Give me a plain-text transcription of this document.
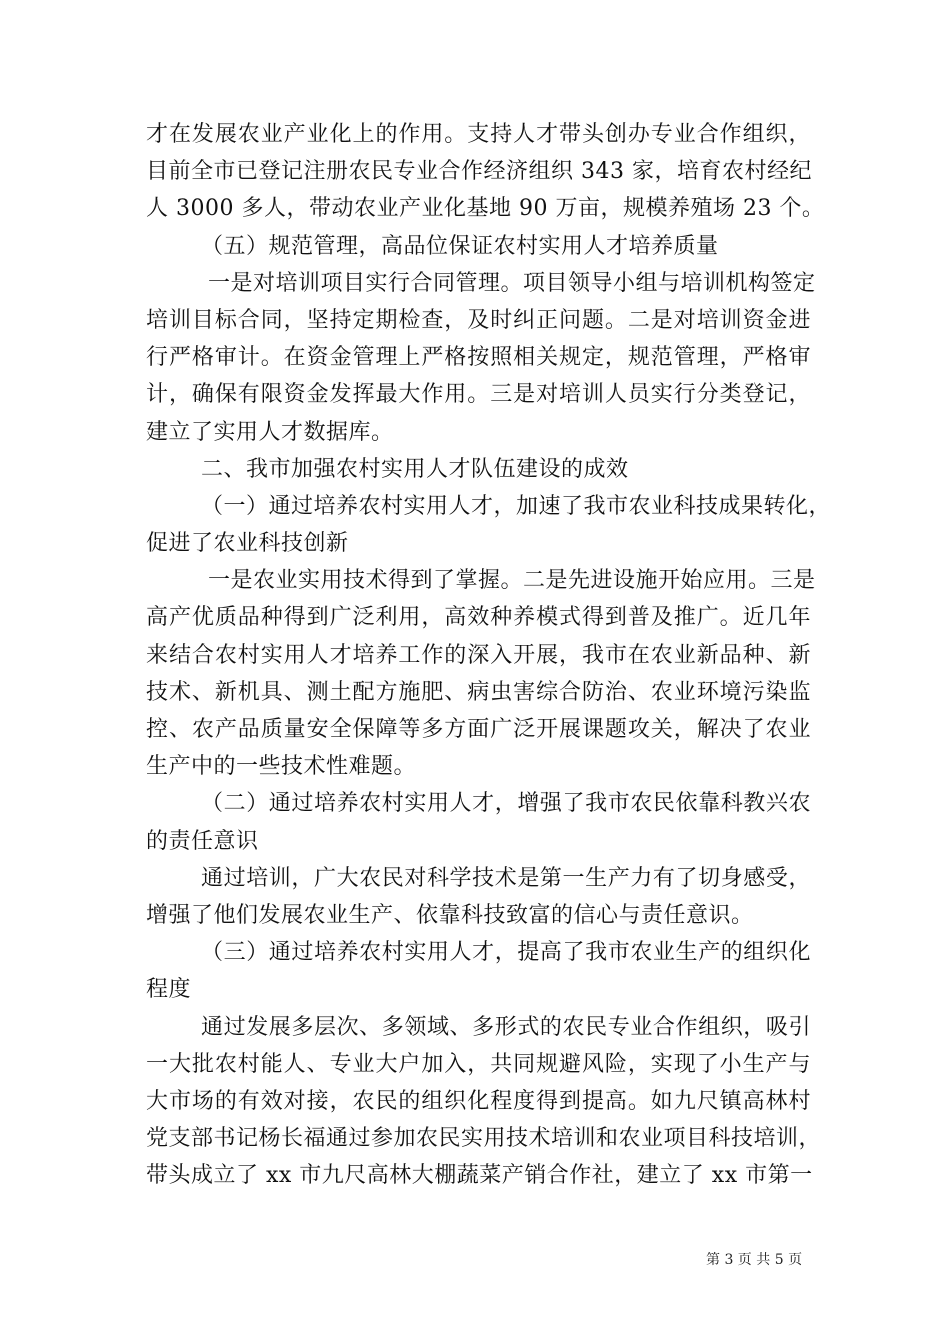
才在发展农业产业化上的作用。支持人才带头创办专业合作组织，
目前全市已登记注册农民专业合作经济组织 343 家，培育农村经纪
人 3000 多人，带动农业产业化基地 90 万亩，规模养殖场 23 个。
（五）规范管理，高品位保证农村实用人才培养质量
一是对培训项目实行合同管理。项目领导小组与培训机构签定
培训目标合同，坚持定期检查，及时纠正问题。二是对培训资金进
行严格审计。在资金管理上严格按照相关规定，规范管理，严格审
计，确保有限资金发挥最大作用。三是对培训人员实行分类登记，
建立了实用人才数据库。
二、我市加强农村实用人才队伍建设的成效
（一）通过培养农村实用人才，加速了我市农业科技成果转化，
促进了农业科技创新
一是农业实用技术得到了掌握。二是先进设施开始应用。三是
高产优质品种得到广泛利用，高效种养模式得到普及推广。近几年
来结合农村实用人才培养工作的深入开展，我市在农业新品种、新
技术、新机具、测土配方施肥、病虫害综合防治、农业环境污染监
控、农产品质量安全保障等多方面广泛开展课题攻关，解决了农业
生产中的一些技术性难题。
（二）通过培养农村实用人才，增强了我市农民依靠科教兴农
的责任意识
通过培训，广大农民对科学技术是第一生产力有了切身感受，
增强了他们发展农业生产、依靠科技致富的信心与责任意识。
（三）通过培养农村实用人才，提高了我市农业生产的组织化
程度
通过发展多层次、多领域、多形式的农民专业合作组织，吸引
一大批农村能人、专业大户加入，共同规避风险，实现了小生产与
大市场的有效对接，农民的组织化程度得到提高。如九尺镇高林村
党支部书记杨长福通过参加农民实用技术培训和农业项目科技培训，
带头成立了 xx 市九尺高林大棚蔬菜产销合作社，建立了 xx 市第一
第 3 页 共 5 页
